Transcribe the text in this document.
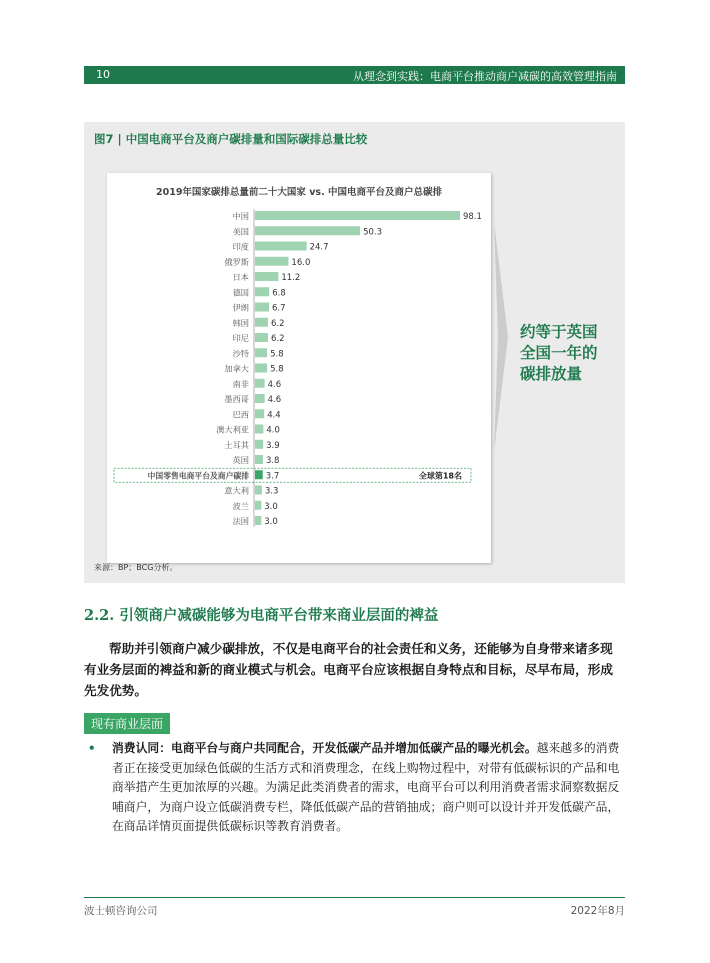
10	从理念到实践：电商平台推动商户减碳的高效管理指南
图7 | 中国电商平台及商户碳排量和国际碳排总量比较
2019年国家碳排总量前二十大国家 vs. 中国电商平台及商户总碳排
中国	98.1
美国	50.3
印度	24.7
俄罗斯	16.0
日本	11.2
德国	6.8
伊朗	6.7
韩国	6.2
印尼	6.2
沙特 5.8
加拿大 5.8
南非 4.6
墨西哥 4.6
巴西 4.4
澳大利亚 4.0
土耳其 3.9
英国 3.8
中国零售电商平台及商户碳排 3.7	全球第18名
意大利 3.3
波兰 3.0
法国 3.0
约等于英国
全国一年的
碳排放量
来源：BP；BCG分析。
2.2. 引领商户减碳能够为电商平台带来商业层面的裨益
帮助并引领商户减少碳排放，不仅是电商平台的社会责任和义务，还能够为自身带来诸多现有业务层面的裨益和新的商业模式与机会。电商平台应该根据自身特点和目标，尽早布局，形成先发优势。
现有商业层面
• 消费认同：电商平台与商户共同配合，开发低碳产品并增加低碳产品的曝光机会。越来越多的消费者正在接受更加绿色低碳的生活方式和消费理念，在线上购物过程中，对带有低碳标识的产品和电商举措产生更加浓厚的兴趣。为满足此类消费者的需求，电商平台可以利用消费者需求洞察数据反哺商户，为商户设立低碳消费专栏，降低低碳产品的营销抽成；商户则可以设计并开发低碳产品，在商品详情页面提供低碳标识等教育消费者。
波士顿咨询公司	2022年8月
